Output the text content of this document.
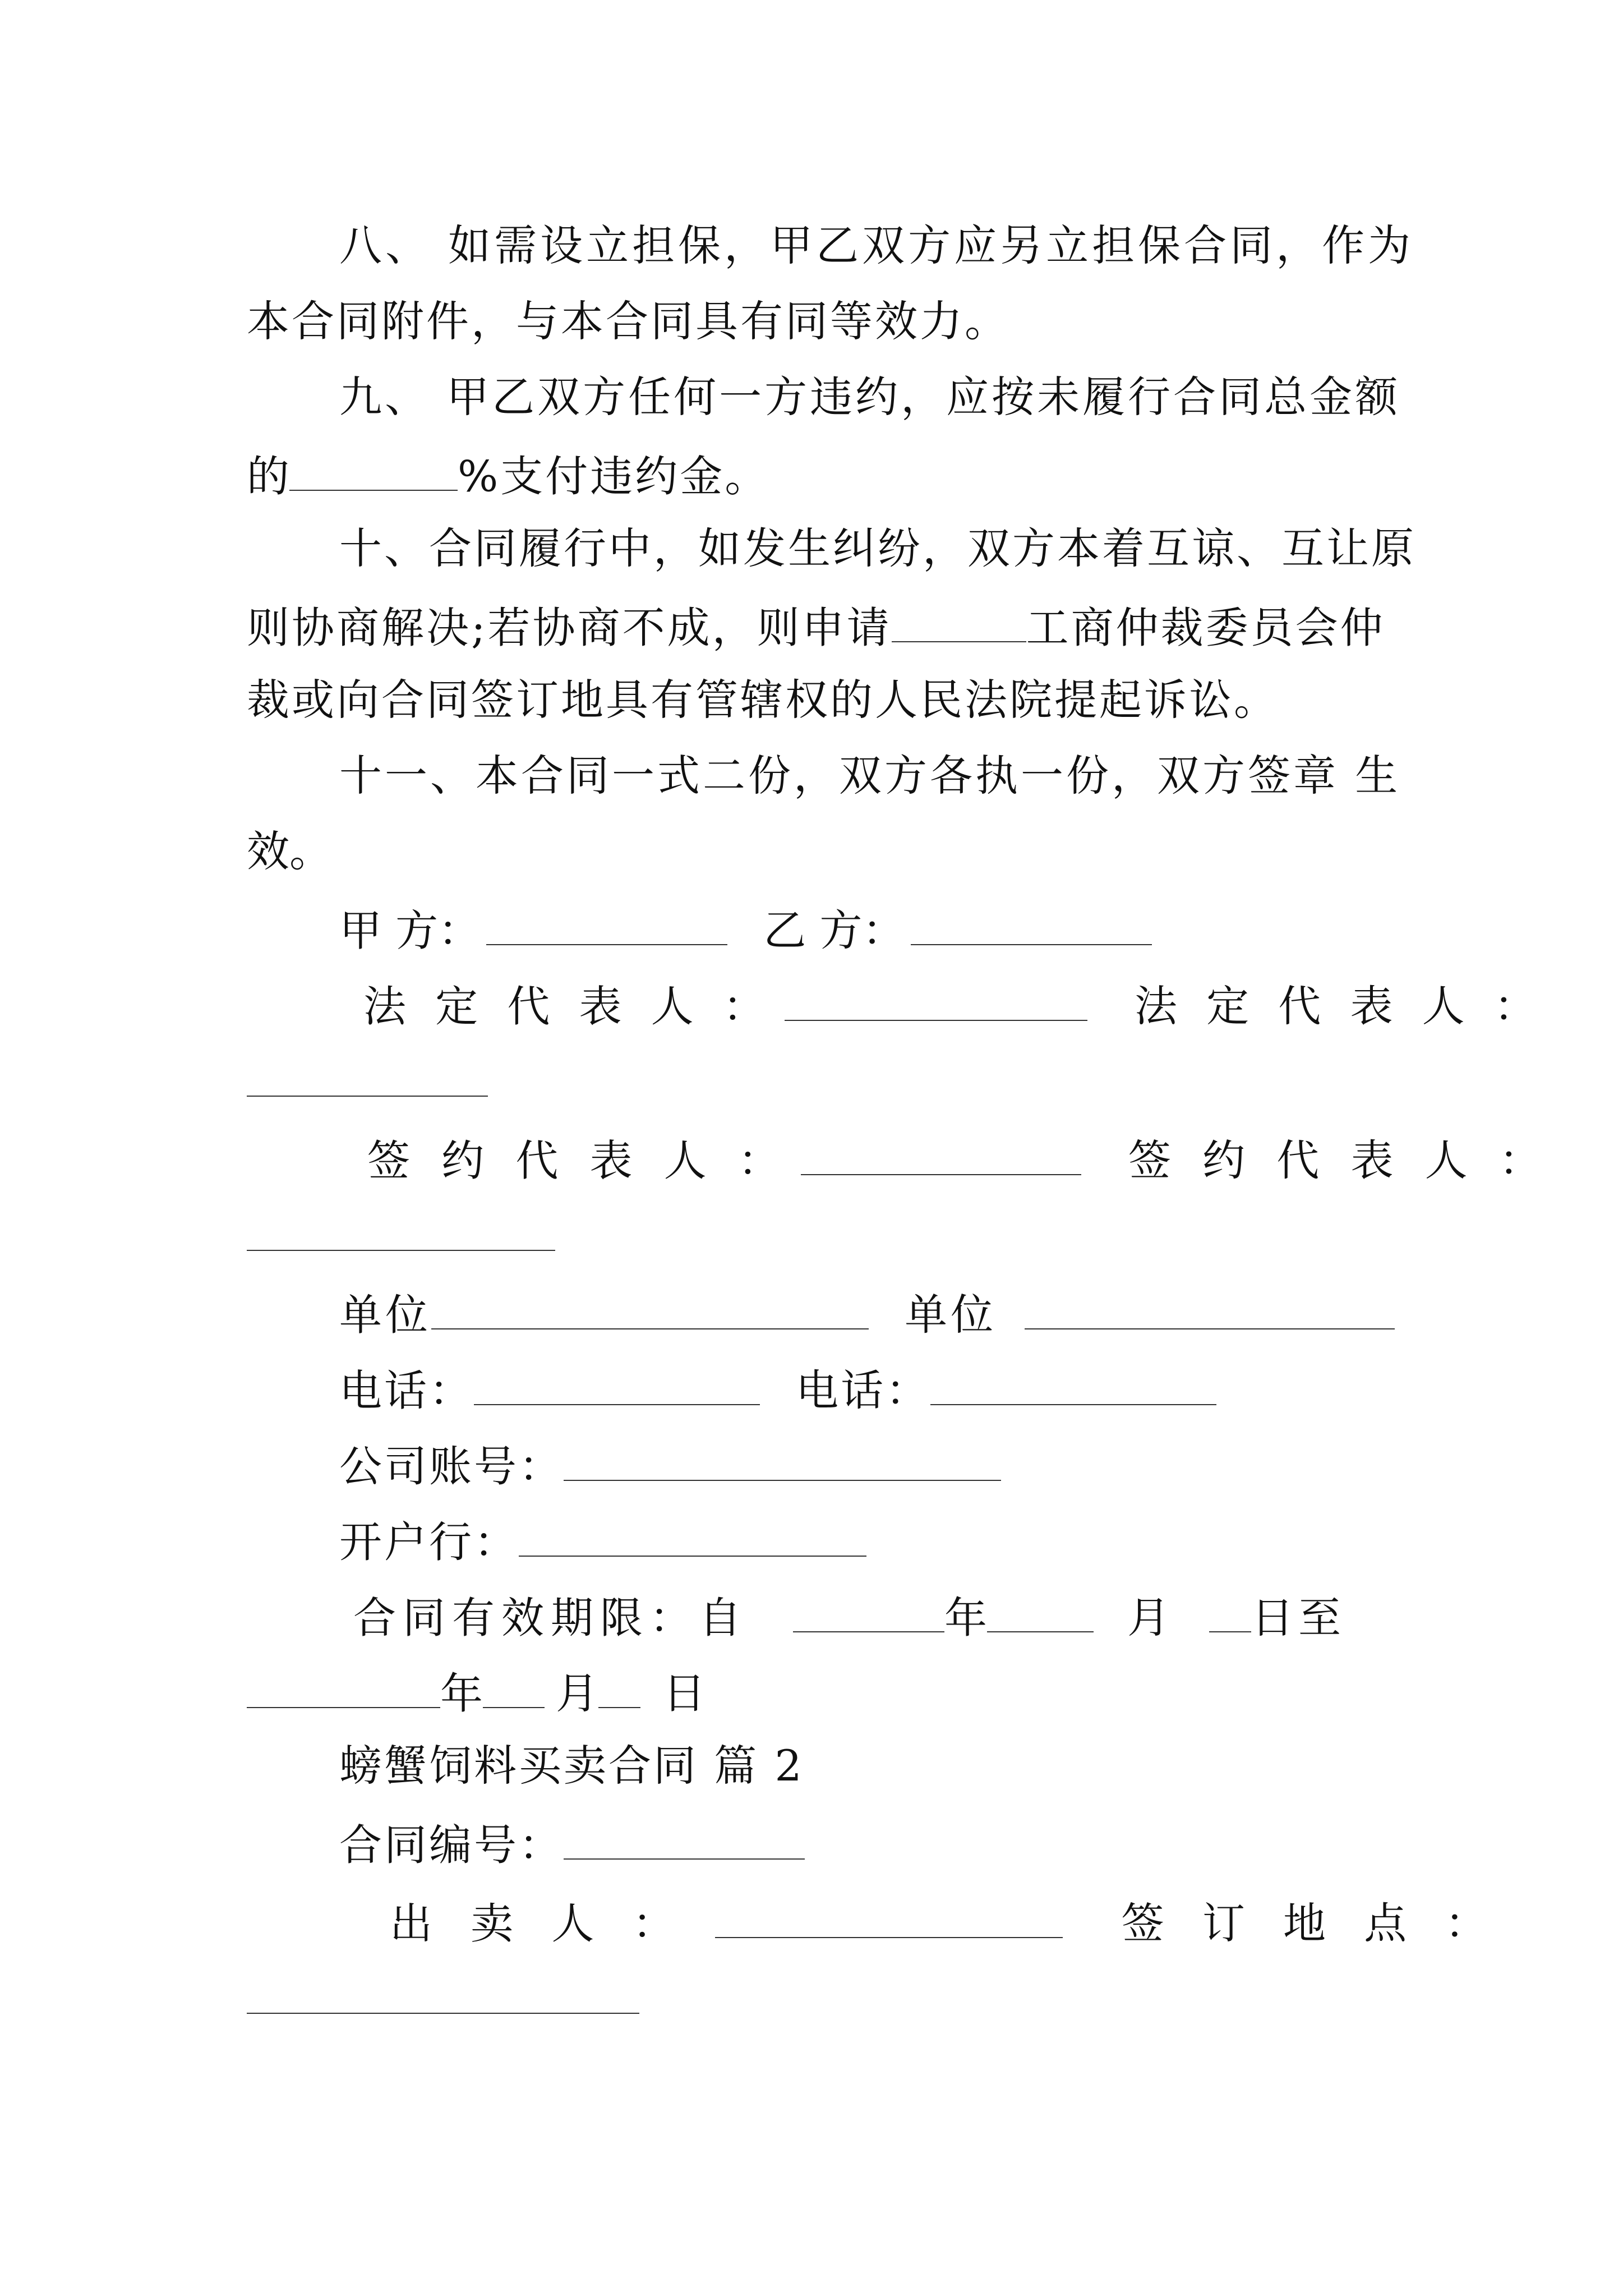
八、 如需设立担保，甲乙双方应另立担保合同，作为
本合同附件，与本合同具有同等效力。
九、 甲乙双方任何一方违约，应按未履行合同总金额
的	%支付违约金。
十、合同履行中，如发生纠纷，双方本着互谅、互让原
则协商解决;若协商不成，则申请	工商仲裁委员会仲
裁或向合同签订地具有管辖权的人民法院提起诉讼。
十一、本合同一式二份，双方各执一份，双方签章 生
效。
甲 方：	乙 方：
法 定 代 表 人 ：	法 定 代 表 人 ：
签 约 代 表 人 ：	签 约 代 表 人 ：
单位	单位
电话：	电话：
公司账号：
开户行：
合同有效期限：自	年	月 日至
年 月 日
螃蟹饲料买卖合同 篇 2
合同编号：
出 卖 人 ：	签 订 地 点 ：
